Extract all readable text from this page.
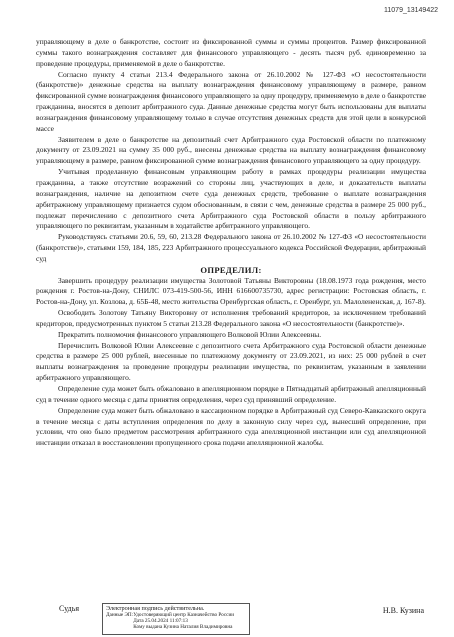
11079_13149422

управляющему в деле о банкротстве, состоит из фиксированной суммы и суммы процентов. Размер фиксированной суммы такого вознаграждения составляет для финансового управляющего - десять тысяч руб. единовременно за проведение процедуры, применяемой в деле о банкротстве.

Согласно пункту 4 статьи 213.4 Федерального закона от 26.10.2002 № 127-ФЗ «О несостоятельности (банкротстве)» денежные средства на выплату вознаграждения финансовому управляющему в размере, равном фиксированной сумме вознаграждения финансового управляющего за одну процедуру, применяемую в деле о банкротстве гражданина, вносятся в депозит арбитражного суда. Данные денежные средства могут быть использованы для выплаты вознаграждения финансовому управляющему только в случае отсутствия денежных средств для этой цели в конкурсной массе

Заявителем в деле о банкротстве на депозитный счет Арбитражного суда Ростовской области по платежному документу от 23.09.2021 на сумму 35 000 руб., внесены денежные средства на выплату вознаграждения финансовому управляющему в размере, равном фиксированной сумме вознаграждения финансового управляющего за одну процедуру.

Учитывая проделанную финансовым управляющим работу в рамках процедуры реализации имущества гражданина, а также отсутствие возражений со стороны лиц, участвующих в деле, и доказательств выплаты вознаграждения, наличие на депозитном счете суда денежных средств, требование о выплате вознаграждения арбитражному управляющему признается судом обоснованным, в связи с чем, денежные средства в размере 25 000 руб., подлежат перечислению с депозитного счета Арбитражного суда Ростовской области в пользу арбитражного управляющего по реквизитам, указанным в ходатайстве арбитражного управляющего.

Руководствуясь статьями 20.6, 59, 60, 213.28 Федерального закона от 26.10.2002 № 127-ФЗ «О несостоятельности (банкротстве)», статьями 159, 184, 185, 223 Арбитражного процессуального кодекса Российской Федерации, арбитражный суд

ОПРЕДЕЛИЛ:

Завершить процедуру реализации имущества Золотовой Татьяны Викторовны (18.08.1973 года рождения, место рождения г. Ростов-на-Дону, СНИЛС 073-419-500-56, ИНН 616600735730, адрес регистрации: Ростовская область, г. Ростов-на-Дону, ул. Козлова, д. 65Б-48, место жительства Оренбургская область, г. Оренбург, ул. Малолененская, д. 167-8).

Освободить Золотову Татьяну Викторовну от исполнения требований кредиторов, за исключением требований кредиторов, предусмотренных пунктом 5 статьи 213.28 Федерального закона «О несостоятельности (банкротстве)».

Прекратить полномочия финансового управляющего Волковой Юлии Алексеевны.

Перечислить Волковой Юлии Алексеевне с депозитного счета Арбитражного суда Ростовской области денежные средства в размере 25 000 рублей, внесенные по платежному документу от 23.09.2021, из них: 25 000 рублей в счет выплаты вознаграждения за проведение процедуры реализации имущества, по реквизитам, указанным в заявлении арбитражного управляющего.

Определение суда может быть обжаловано в апелляционном порядке в Пятнадцатый арбитражный апелляционный суд в течение одного месяца с даты принятия определения, через суд принявший определение.

Определение суда может быть обжаловано в кассационном порядке в Арбитражный суд Северо-Кавказского округа в течение месяца с даты вступления определения по делу в законную силу через суд, вынесший определение, при условии, что оно было предметом рассмотрения арбитражного суда апелляционной инстанции или суд апелляционной инстанции отказал в восстановлении пропущенного срока подачи апелляционной жалобы.

Судья	Электронная подпись действительна.
Данные ЭП: Удостоверяющий центр Казначейство России
Дата 25.04.2024 11:07:13
Кому выдана Кузина Наталия Владимировна
Н.В. Кузина
